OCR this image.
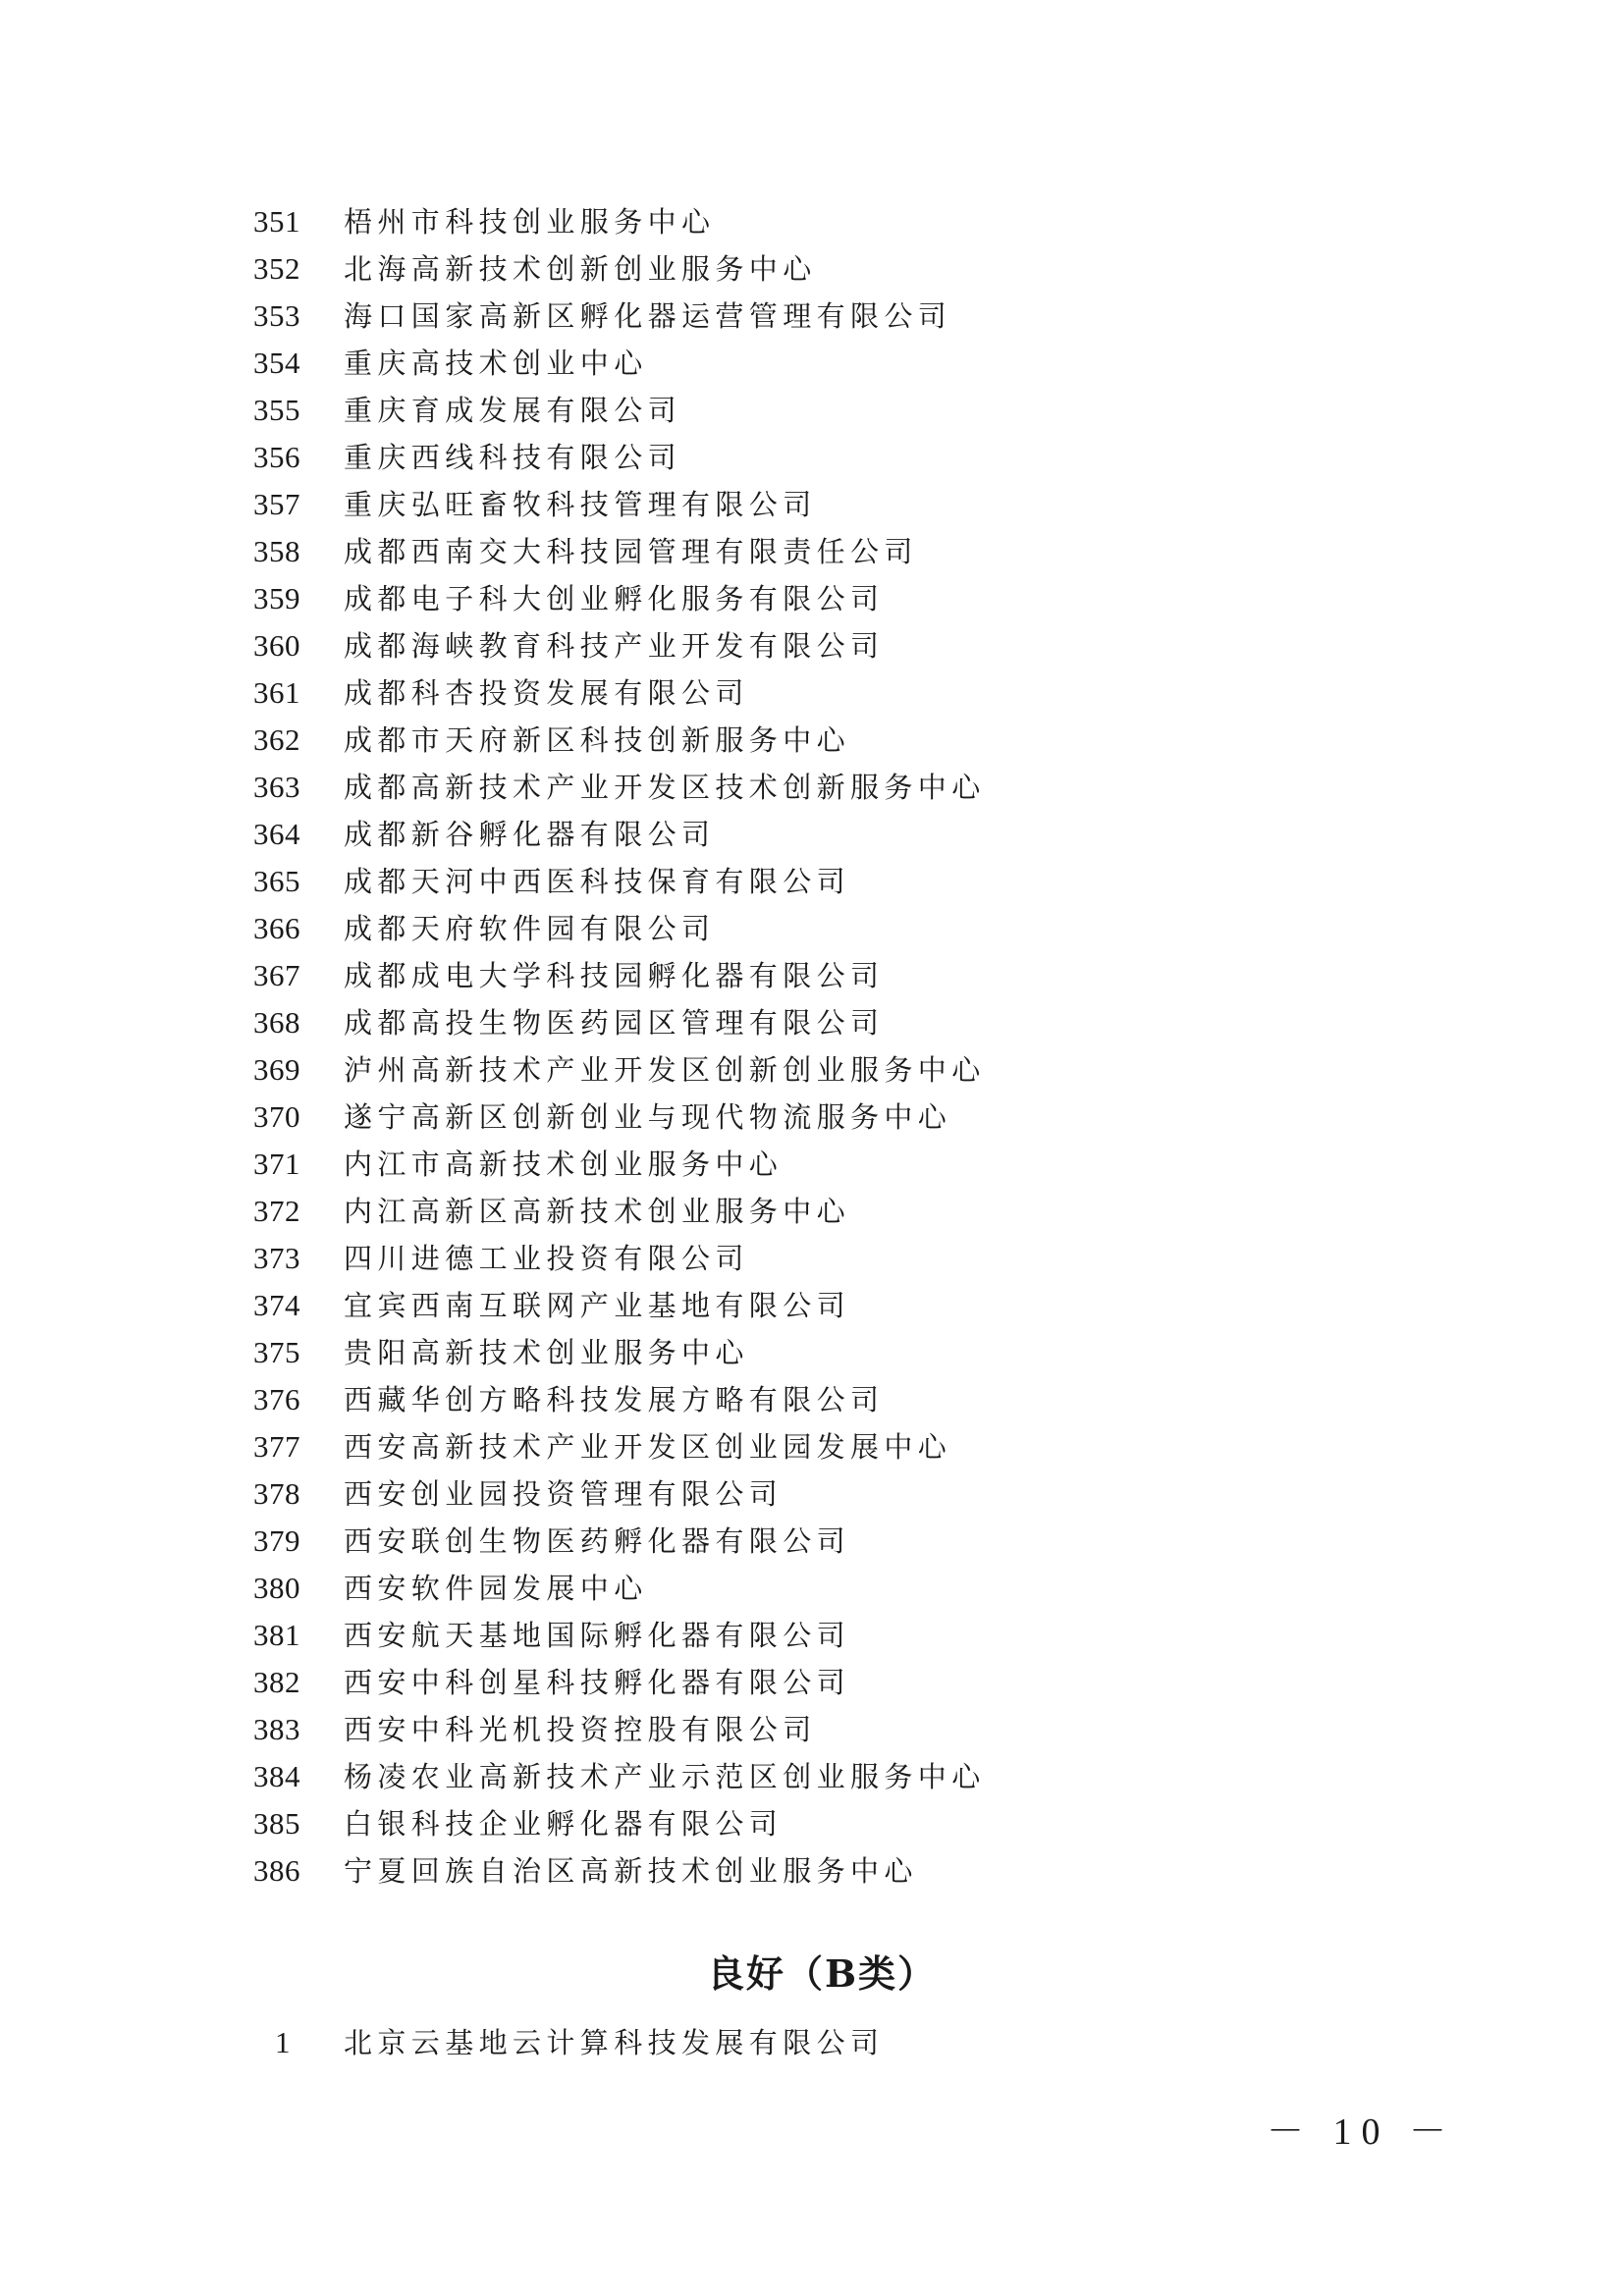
351	梧州市科技创业服务中心
352	北海高新技术创新创业服务中心
353	海口国家高新区孵化器运营管理有限公司
354	重庆高技术创业中心
355	重庆育成发展有限公司
356	重庆西线科技有限公司
357	重庆弘旺畜牧科技管理有限公司
358	成都西南交大科技园管理有限责任公司
359	成都电子科大创业孵化服务有限公司
360	成都海峡教育科技产业开发有限公司
361	成都科杏投资发展有限公司
362	成都市天府新区科技创新服务中心
363	成都高新技术产业开发区技术创新服务中心
364	成都新谷孵化器有限公司
365	成都天河中西医科技保育有限公司
366	成都天府软件园有限公司
367	成都成电大学科技园孵化器有限公司
368	成都高投生物医药园区管理有限公司
369	泸州高新技术产业开发区创新创业服务中心
370	遂宁高新区创新创业与现代物流服务中心
371	内江市高新技术创业服务中心
372	内江高新区高新技术创业服务中心
373	四川进德工业投资有限公司
374	宜宾西南互联网产业基地有限公司
375	贵阳高新技术创业服务中心
376	西藏华创方略科技发展方略有限公司
377	西安高新技术产业开发区创业园发展中心
378	西安创业园投资管理有限公司
379	西安联创生物医药孵化器有限公司
380	西安软件园发展中心
381	西安航天基地国际孵化器有限公司
382	西安中科创星科技孵化器有限公司
383	西安中科光机投资控股有限公司
384	杨凌农业高新技术产业示范区创业服务中心
385	白银科技企业孵化器有限公司
386	宁夏回族自治区高新技术创业服务中心
良好（B类）
1	北京云基地云计算科技发展有限公司
－ 10 －
